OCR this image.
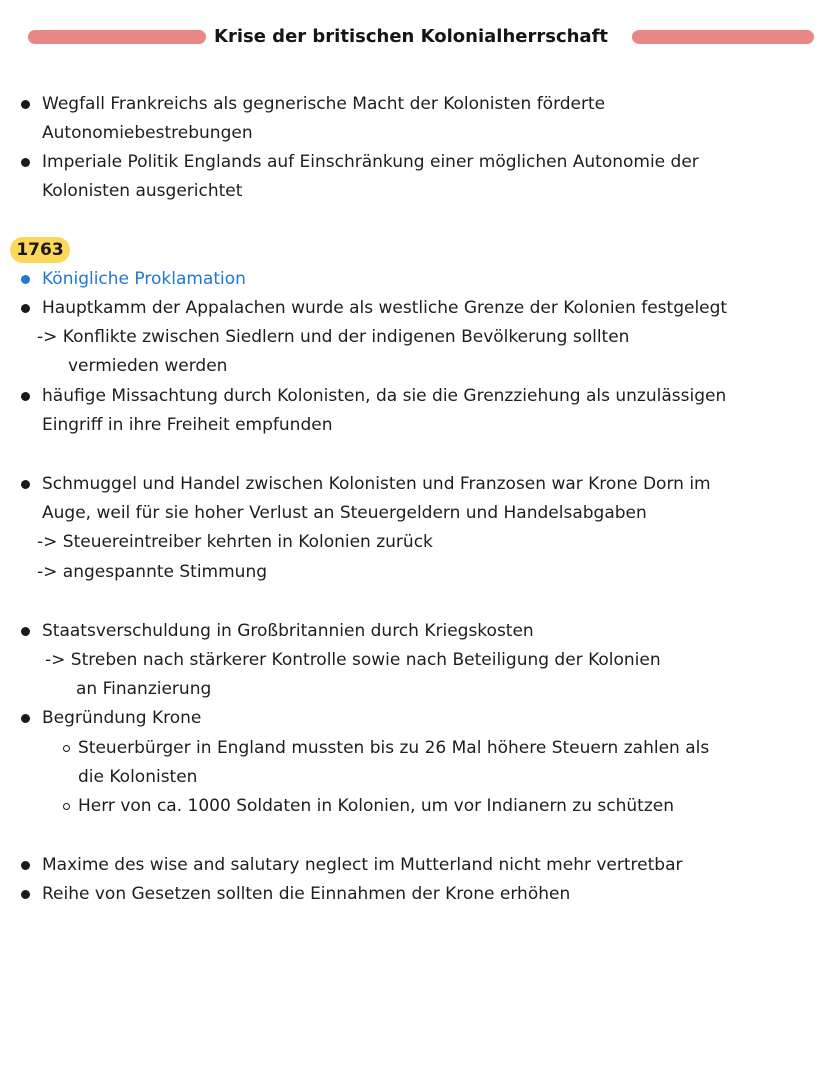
Krise der britischen Kolonialherrschaft
Wegfall Frankreichs als gegnerische Macht der Kolonisten förderte
Autonomiebestrebungen
Imperiale Politik Englands auf Einschränkung einer möglichen Autonomie der
Kolonisten ausgerichtet
1763
Königliche Proklamation
Hauptkamm der Appalachen wurde als westliche Grenze der Kolonien festgelegt
-> Konflikte zwischen Siedlern und der indigenen Bevölkerung sollten
vermieden werden
häufige Missachtung durch Kolonisten, da sie die Grenzziehung als unzulässigen
Eingriff in ihre Freiheit empfunden
Schmuggel und Handel zwischen Kolonisten und Franzosen war Krone Dorn im
Auge, weil für sie hoher Verlust an Steuergeldern und Handelsabgaben
-> Steuereintreiber kehrten in Kolonien zurück
-> angespannte Stimmung
Staatsverschuldung in Großbritannien durch Kriegskosten
-> Streben nach stärkerer Kontrolle sowie nach Beteiligung der Kolonien
an Finanzierung
Begründung Krone
Steuerbürger in England mussten bis zu 26 Mal höhere Steuern zahlen als
die Kolonisten
Herr von ca. 1000 Soldaten in Kolonien, um vor Indianern zu schützen
Maxime des wise and salutary neglect im Mutterland nicht mehr vertretbar
Reihe von Gesetzen sollten die Einnahmen der Krone erhöhen
